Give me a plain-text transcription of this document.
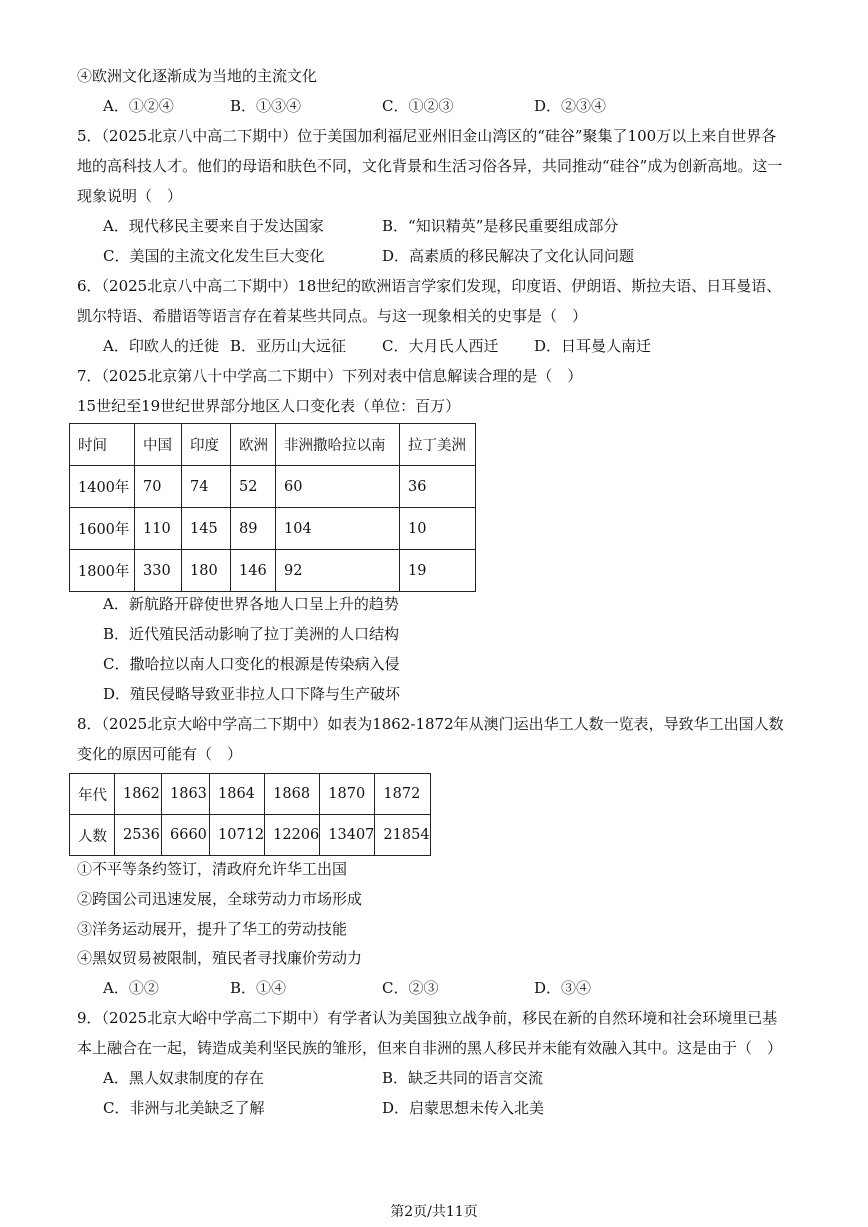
④欧洲文化逐渐成为当地的主流文化
A．①②④	B．①③④	C．①②③	D．②③④
5．（2025北京八中高二下期中）位于美国加利福尼亚州旧金山湾区的“硅谷”聚集了100万以上来自世界各
地的高科技人才。他们的母语和肤色不同，文化背景和生活习俗各异，共同推动“硅谷”成为创新高地。这一
现象说明（　）
A．现代移民主要来自于发达国家	B．“知识精英”是移民重要组成部分
C．美国的主流文化发生巨大变化	D．高素质的移民解决了文化认同问题
6．（2025北京八中高二下期中）18世纪的欧洲语言学家们发现，印度语、伊朗语、斯拉夫语、日耳曼语、
凯尔特语、希腊语等语言存在着某些共同点。与这一现象相关的史事是（　）
A．印欧人的迁徙 B．亚历山大远征 C．大月氏人西迁 D．日耳曼人南迁
7．（2025北京第八十中学高二下期中）下列对表中信息解读合理的是（　）
15世纪至19世纪世界部分地区人口变化表（单位：百万）
时间	中国	印度	欧洲	非洲撒哈拉以南	拉丁美洲
1400年	70	74	52	60	36
1600年	110	145	89	104	10
1800年	330	180	146	92	19
A．新航路开辟使世界各地人口呈上升的趋势
B．近代殖民活动影响了拉丁美洲的人口结构
C．撒哈拉以南人口变化的根源是传染病入侵
D．殖民侵略导致亚非拉人口下降与生产破坏
8．（2025北京大峪中学高二下期中）如表为1862-1872年从澳门运出华工人数一览表，导致华工出国人数
变化的原因可能有（　）
年代	1862	1863	1864	1868	1870	1872
人数	2536	6660	10712	12206	13407	21854
①不平等条约签订，清政府允许华工出国
②跨国公司迅速发展，全球劳动力市场形成
③洋务运动展开，提升了华工的劳动技能
④黑奴贸易被限制，殖民者寻找廉价劳动力
A．①②	B．①④	C．②③	D．③④
9．（2025北京大峪中学高二下期中）有学者认为美国独立战争前，移民在新的自然环境和社会环境里已基
本上融合在一起，铸造成美利坚民族的雏形，但来自非洲的黑人移民并未能有效融入其中。这是由于（　）
A．黑人奴隶制度的存在	B．缺乏共同的语言交流
C．非洲与北美缺乏了解	D．启蒙思想未传入北美
第2页/共11页
